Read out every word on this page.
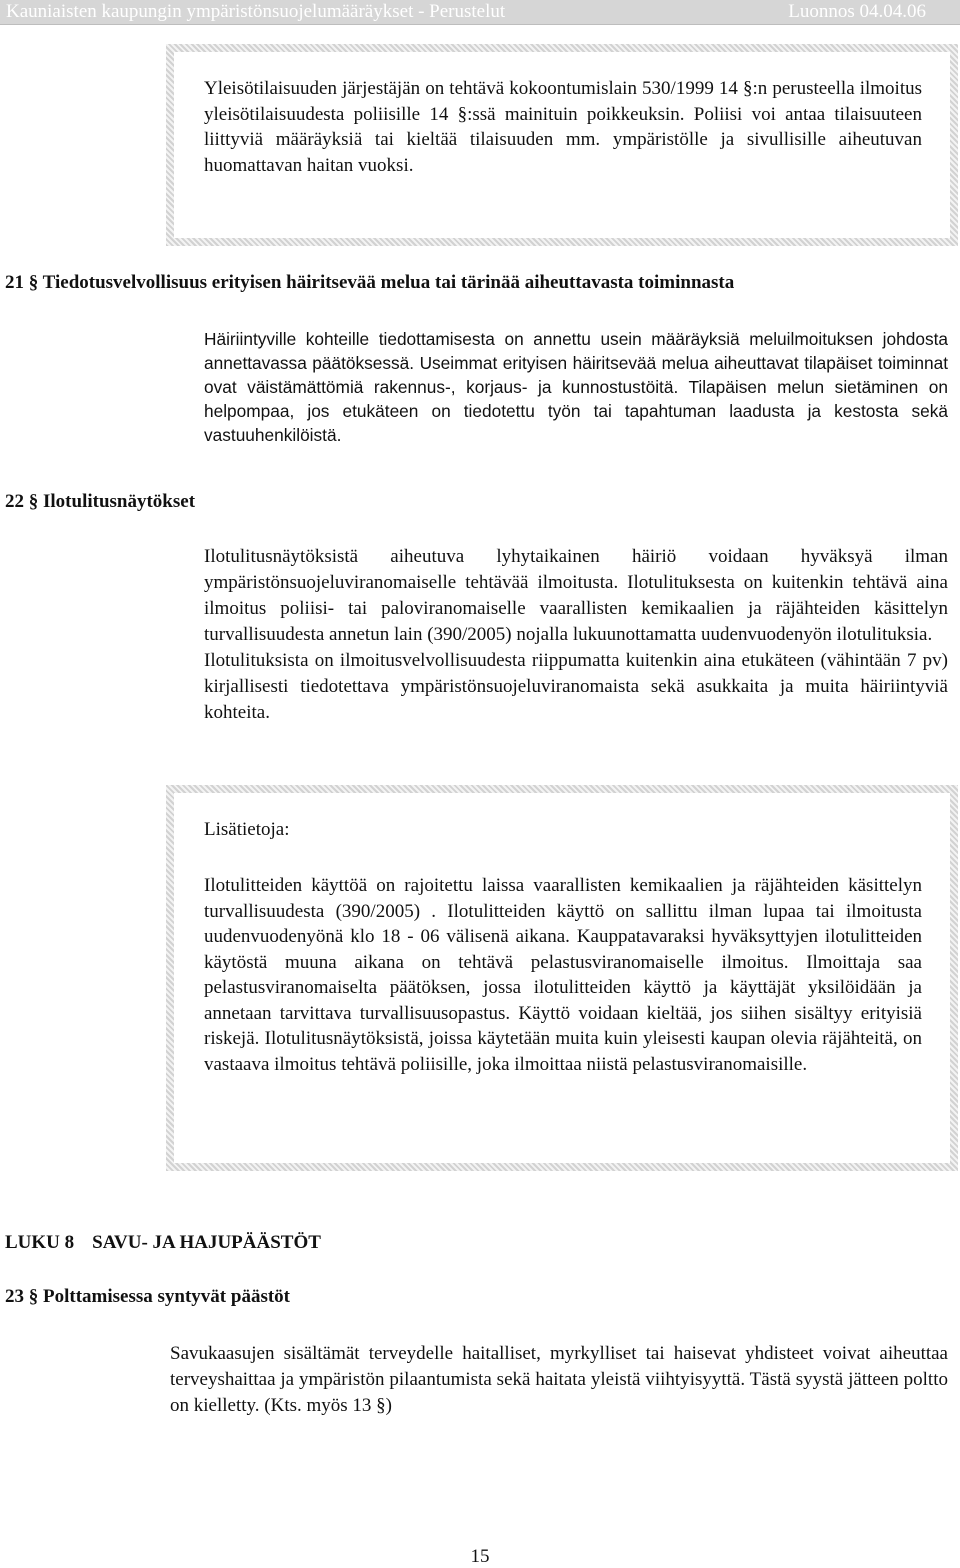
Kauniaisten kaupungin ympäristönsuojelumääräykset - Perustelut	Luonnos 04.04.06

Yleisötilaisuuden järjestäjän on tehtävä kokoontumislain 530/1999 14 §:n perusteella ilmoitus yleisötilaisuudesta poliisille 14 §:ssä mainituin poikkeuksin. Poliisi voi antaa tilaisuuteen liittyviä määräyksiä tai kieltää tilaisuuden mm. ympäristölle ja sivullisille aiheutuvan huomattavan haitan vuoksi.

21 § Tiedotusvelvollisuus erityisen häiritsevää melua tai tärinää aiheuttavasta toiminnasta

Häiriintyville kohteille tiedottamisesta on annettu usein määräyksiä meluilmoituksen johdosta annettavassa päätöksessä. Useimmat erityisen häiritsevää melua aiheuttavat tilapäiset toiminnat ovat väistämättömiä rakennus-, korjaus- ja kunnostustöitä. Tilapäisen melun sietäminen on helpompaa, jos etukäteen on tiedotettu työn tai tapahtuman laadusta ja kestosta sekä vastuuhenkilöistä.

22 § Ilotulitusnäytökset

Ilotulitusnäytöksistä aiheutuva lyhytaikainen häiriö voidaan hyväksyä ilman ympäristönsuojeluviranomaiselle tehtävää ilmoitusta. Ilotulituksesta on kuitenkin tehtävä aina ilmoitus poliisi- tai paloviranomaiselle vaarallisten kemikaalien ja räjähteiden käsittelyn turvallisuudesta annetun lain (390/2005) nojalla lukuunottamatta uudenvuodenyön ilotulituksia.

Ilotulituksista on ilmoitusvelvollisuudesta riippumatta kuitenkin aina etukäteen (vähintään 7 pv) kirjallisesti tiedotettava ympäristönsuojeluviranomaista sekä asukkaita ja muita häiriintyviä kohteita.

Lisätietoja:

Ilotulitteiden käyttöä on rajoitettu laissa vaarallisten kemikaalien ja räjähteiden käsittelyn turvallisuudesta (390/2005) . Ilotulitteiden käyttö on sallittu ilman lupaa tai ilmoitusta uudenvuodenyönä klo 18 - 06 välisenä aikana. Kauppatavaraksi hyväksyttyjen ilotulitteiden käytöstä muuna aikana on tehtävä pelastusviranomaiselle ilmoitus. Ilmoittaja saa pelastusviranomaiselta päätöksen, jossa ilotulitteiden käyttö ja käyttäjät yksilöidään ja annetaan tarvittava turvallisuusopastus. Käyttö voidaan kieltää, jos siihen sisältyy erityisiä riskejä. Ilotulitusnäytöksistä, joissa käytetään muita kuin yleisesti kaupan olevia räjähteitä, on vastaava ilmoitus tehtävä poliisille, joka ilmoittaa niistä pelastusviranomaisille.

LUKU 8 SAVU- JA HAJUPÄÄSTÖT
23 § Polttamisessa syntyvät päästöt

Savukaasujen sisältämät terveydelle haitalliset, myrkylliset tai haisevat yhdisteet voivat aiheuttaa terveyshaittaa ja ympäristön pilaantumista sekä haitata yleistä viihtyisyyttä. Tästä syystä jätteen poltto on kielletty. (Kts. myös 13 §)

15
